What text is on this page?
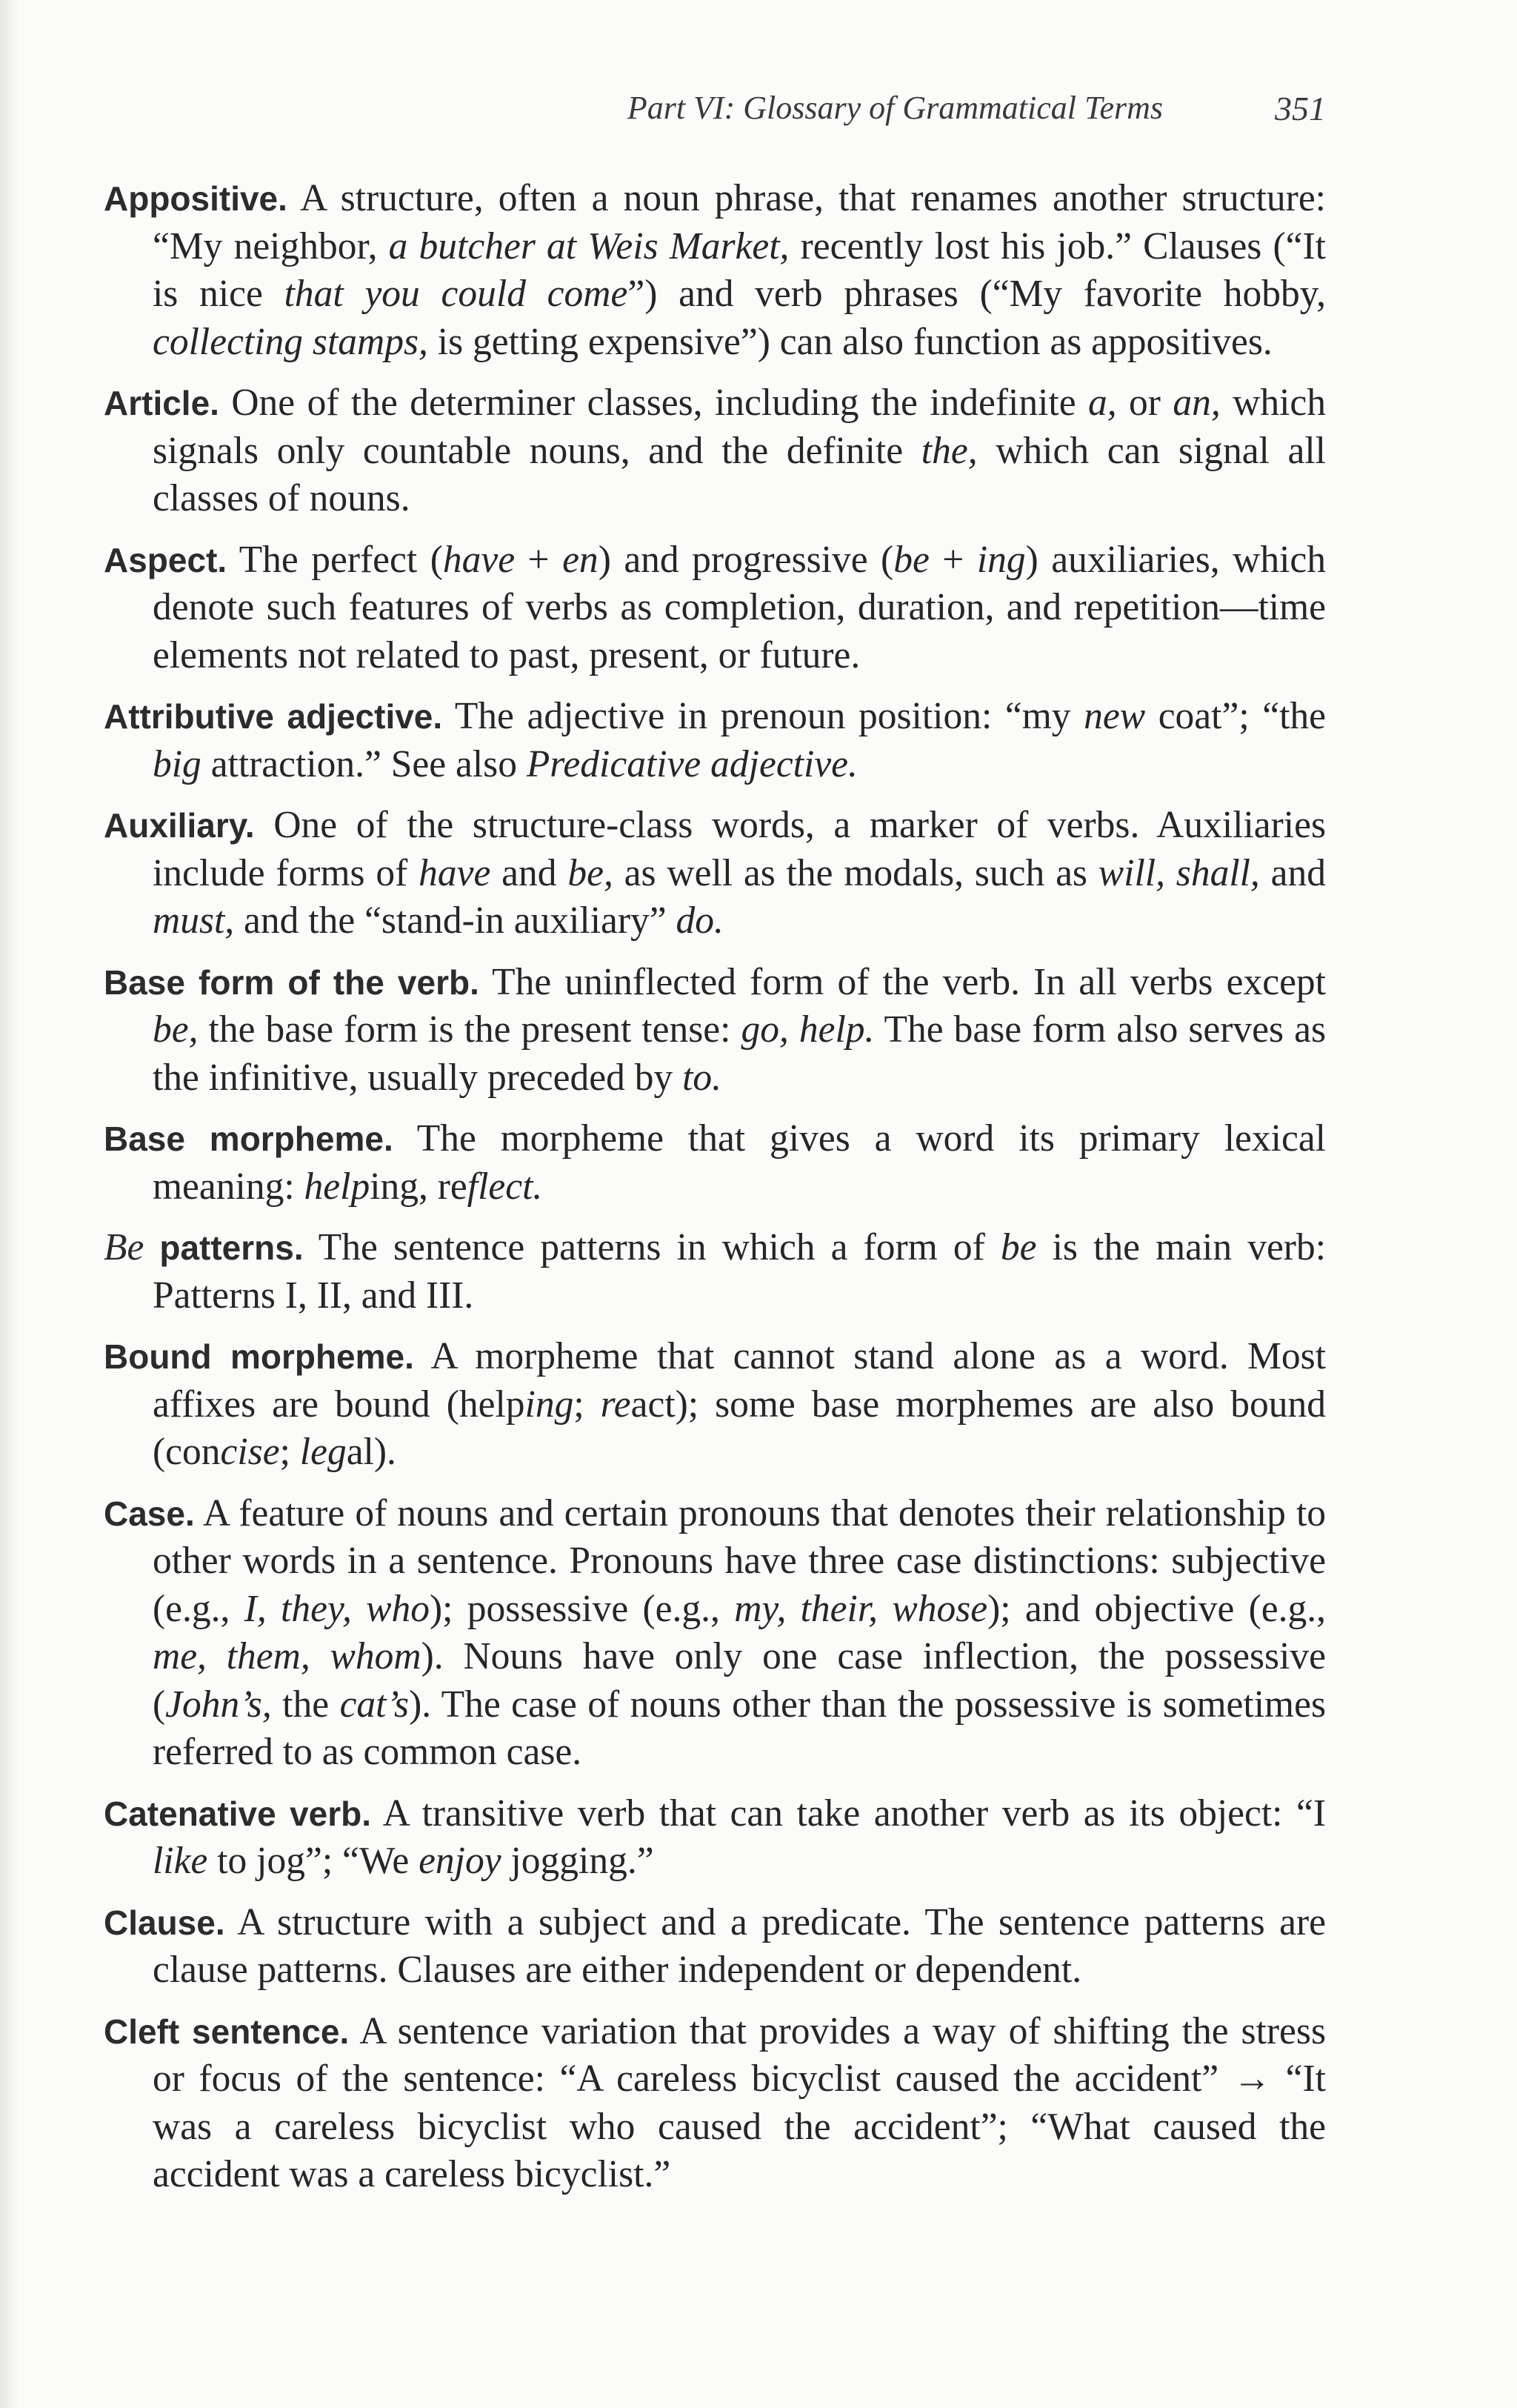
Part VI: Glossary of Grammatical Terms	351

Appositive. A structure, often a noun phrase, that renames another structure: “My neighbor, a butcher at Weis Market, recently lost his job.” Clauses (“It is nice that you could come”) and verb phrases (“My favorite hobby, collecting stamps, is getting expensive”) can also function as appositives.

Article. One of the determiner classes, including the indefinite a, or an, which signals only countable nouns, and the definite the, which can signal all classes of nouns.

Aspect. The perfect (have + en) and progressive (be + ing) auxiliaries, which denote such features of verbs as completion, duration, and repetition—time elements not related to past, present, or future.

Attributive adjective. The adjective in prenoun position: “my new coat”; “the big attraction.” See also Predicative adjective.

Auxiliary. One of the structure-class words, a marker of verbs. Auxiliaries include forms of have and be, as well as the modals, such as will, shall, and must, and the “stand-in auxiliary” do.

Base form of the verb. The uninflected form of the verb. In all verbs except be, the base form is the present tense: go, help. The base form also serves as the infinitive, usually preceded by to.

Base morpheme. The morpheme that gives a word its primary lexical meaning: helping, reflect.

Be patterns. The sentence patterns in which a form of be is the main verb: Patterns I, II, and III.

Bound morpheme. A morpheme that cannot stand alone as a word. Most affixes are bound (helping; react); some base morphemes are also bound (concise; legal).

Case. A feature of nouns and certain pronouns that denotes their relationship to other words in a sentence. Pronouns have three case distinctions: subjective (e.g., I, they, who); possessive (e.g., my, their, whose); and objective (e.g., me, them, whom). Nouns have only one case inflection, the possessive (John’s, the cat’s). The case of nouns other than the possessive is sometimes referred to as common case.

Catenative verb. A transitive verb that can take another verb as its object: “I like to jog”; “We enjoy jogging.”

Clause. A structure with a subject and a predicate. The sentence patterns are clause patterns. Clauses are either independent or dependent.

Cleft sentence. A sentence variation that provides a way of shifting the stress or focus of the sentence: “A careless bicyclist caused the accident” → “It was a careless bicyclist who caused the accident”; “What caused the accident was a careless bicyclist.”
